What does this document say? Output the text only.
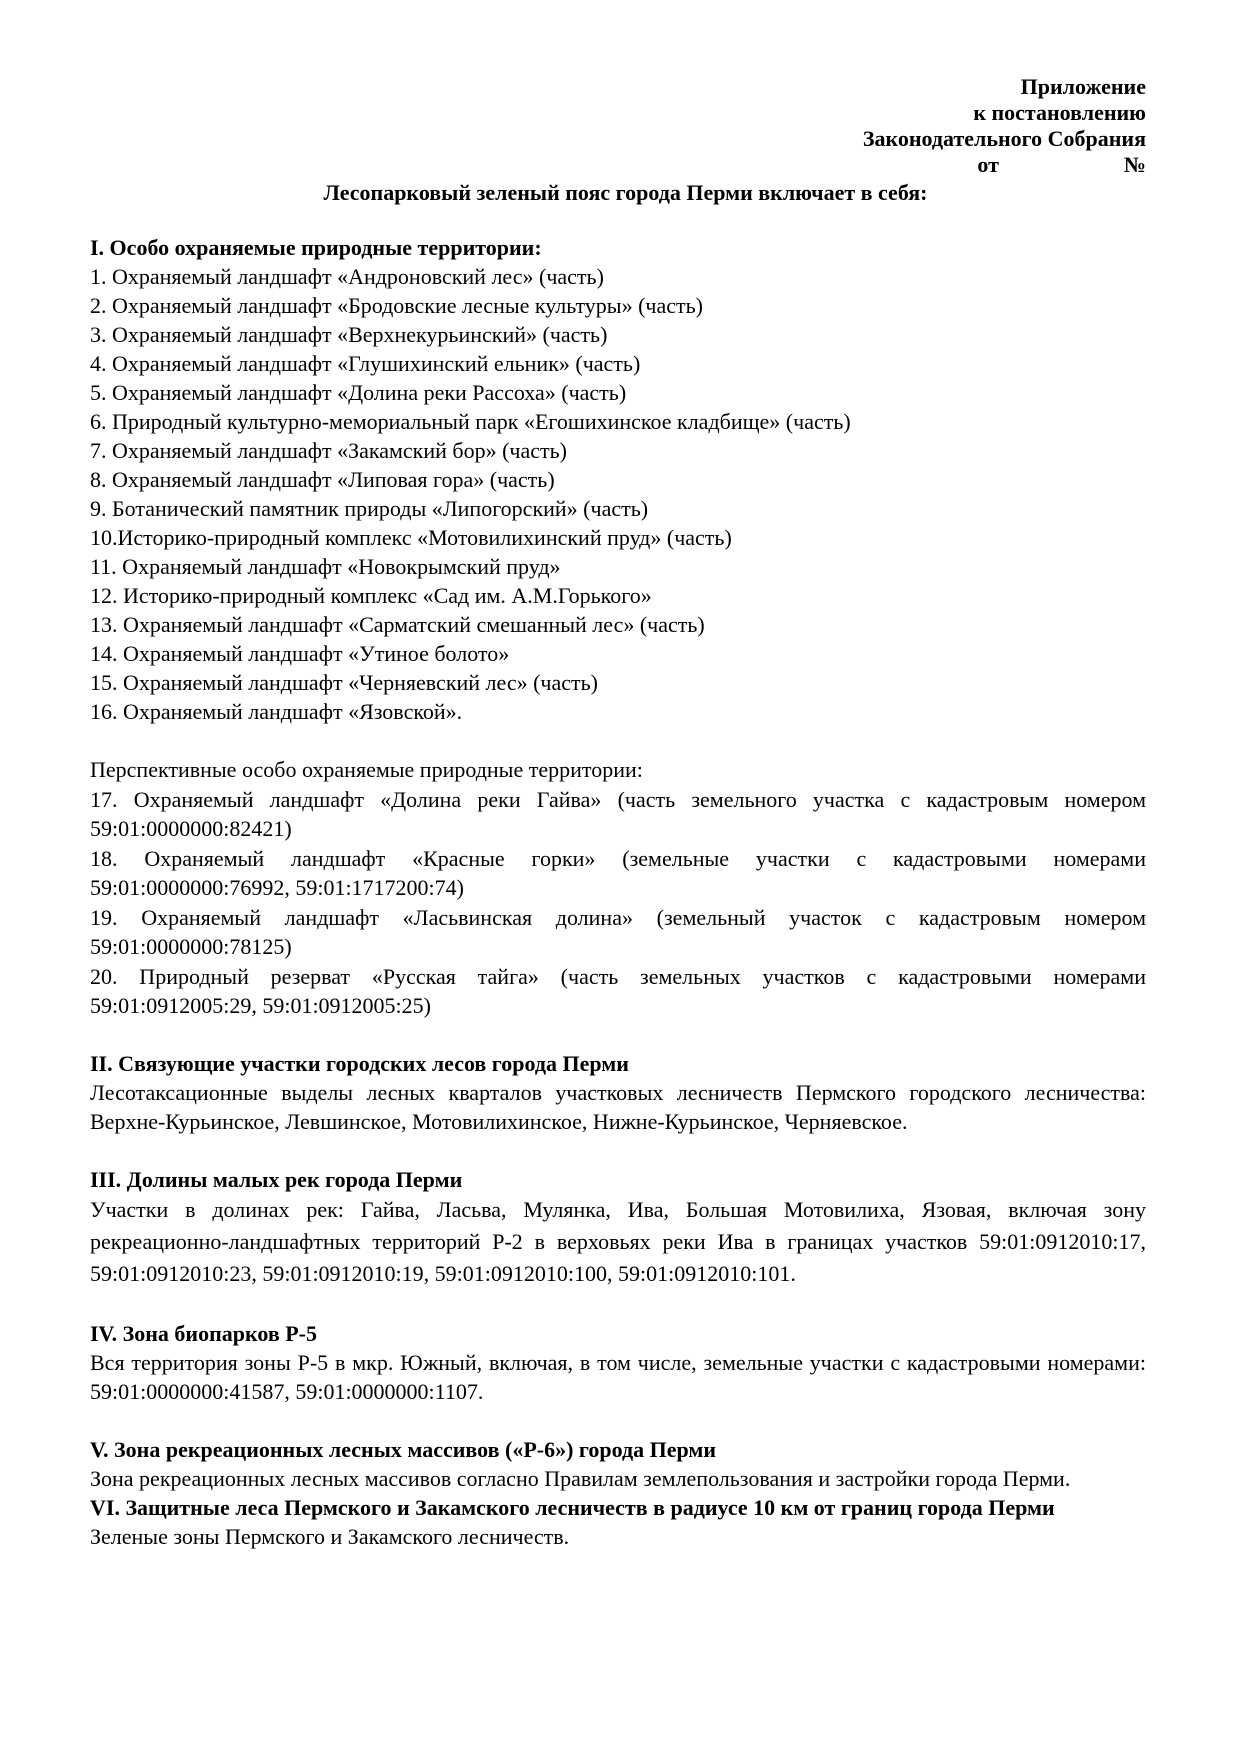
Приложение
к постановлению
Законодательного Собрания
от	№
Лесопарковый зеленый пояс города Перми включает в себя:
I. Особо охраняемые природные территории:
1. Охраняемый ландшафт «Андроновский лес» (часть)
2. Охраняемый ландшафт «Бродовские лесные культуры» (часть)
3. Охраняемый ландшафт «Верхнекурьинский» (часть)
4. Охраняемый ландшафт «Глушихинский ельник» (часть)
5. Охраняемый ландшафт «Долина реки Рассоха» (часть)
6. Природный культурно-мемориальный парк «Егошихинское кладбище» (часть)
7. Охраняемый ландшафт «Закамский бор» (часть)
8. Охраняемый ландшафт «Липовая гора» (часть)
9. Ботанический памятник природы «Липогорский» (часть)
10.Историко-природный комплекс «Мотовилихинский пруд» (часть)
11. Охраняемый ландшафт «Новокрымский пруд»
12. Историко-природный комплекс «Сад им. А.М.Горького»
13. Охраняемый ландшафт «Сарматский смешанный лес» (часть)
14. Охраняемый ландшафт «Утиное болото»
15. Охраняемый ландшафт «Черняевский лес» (часть)
16. Охраняемый ландшафт «Язовской».
Перспективные особо охраняемые природные территории:
17. Охраняемый ландшафт «Долина реки Гайва» (часть земельного участка с кадастровым номером 59:01:0000000:82421)
18. Охраняемый ландшафт «Красные горки» (земельные участки с кадастровыми номерами 59:01:0000000:76992, 59:01:1717200:74)
19. Охраняемый ландшафт «Ласьвинская долина» (земельный участок с кадастровым номером 59:01:0000000:78125)
20. Природный резерват «Русская тайга» (часть земельных участков с кадастровыми номерами 59:01:0912005:29, 59:01:0912005:25)
II. Связующие участки городских лесов города Перми
Лесотаксационные выделы лесных кварталов участковых лесничеств Пермского городского лесничества: Верхне-Курьинское, Левшинское, Мотовилихинское, Нижне-Курьинское, Черняевское.
III. Долины малых рек города Перми
Участки в долинах рек: Гайва, Ласьва, Мулянка, Ива, Большая Мотовилиха, Язовая, включая зону рекреационно-ландшафтных территорий Р-2 в верховьях реки Ива в границах участков 59:01:0912010:17, 59:01:0912010:23, 59:01:0912010:19, 59:01:0912010:100, 59:01:0912010:101.
IV. Зона биопарков Р-5
Вся территория зоны Р-5 в мкр. Южный, включая, в том числе, земельные участки с кадастровыми номерами: 59:01:0000000:41587, 59:01:0000000:1107.
V. Зона рекреационных лесных массивов («Р-6») города Перми
Зона рекреационных лесных массивов согласно Правилам землепользования и застройки города Перми.
VI. Защитные леса Пермского и Закамского лесничеств в радиусе 10 км от границ города Перми
Зеленые зоны Пермского и Закамского лесничеств.
